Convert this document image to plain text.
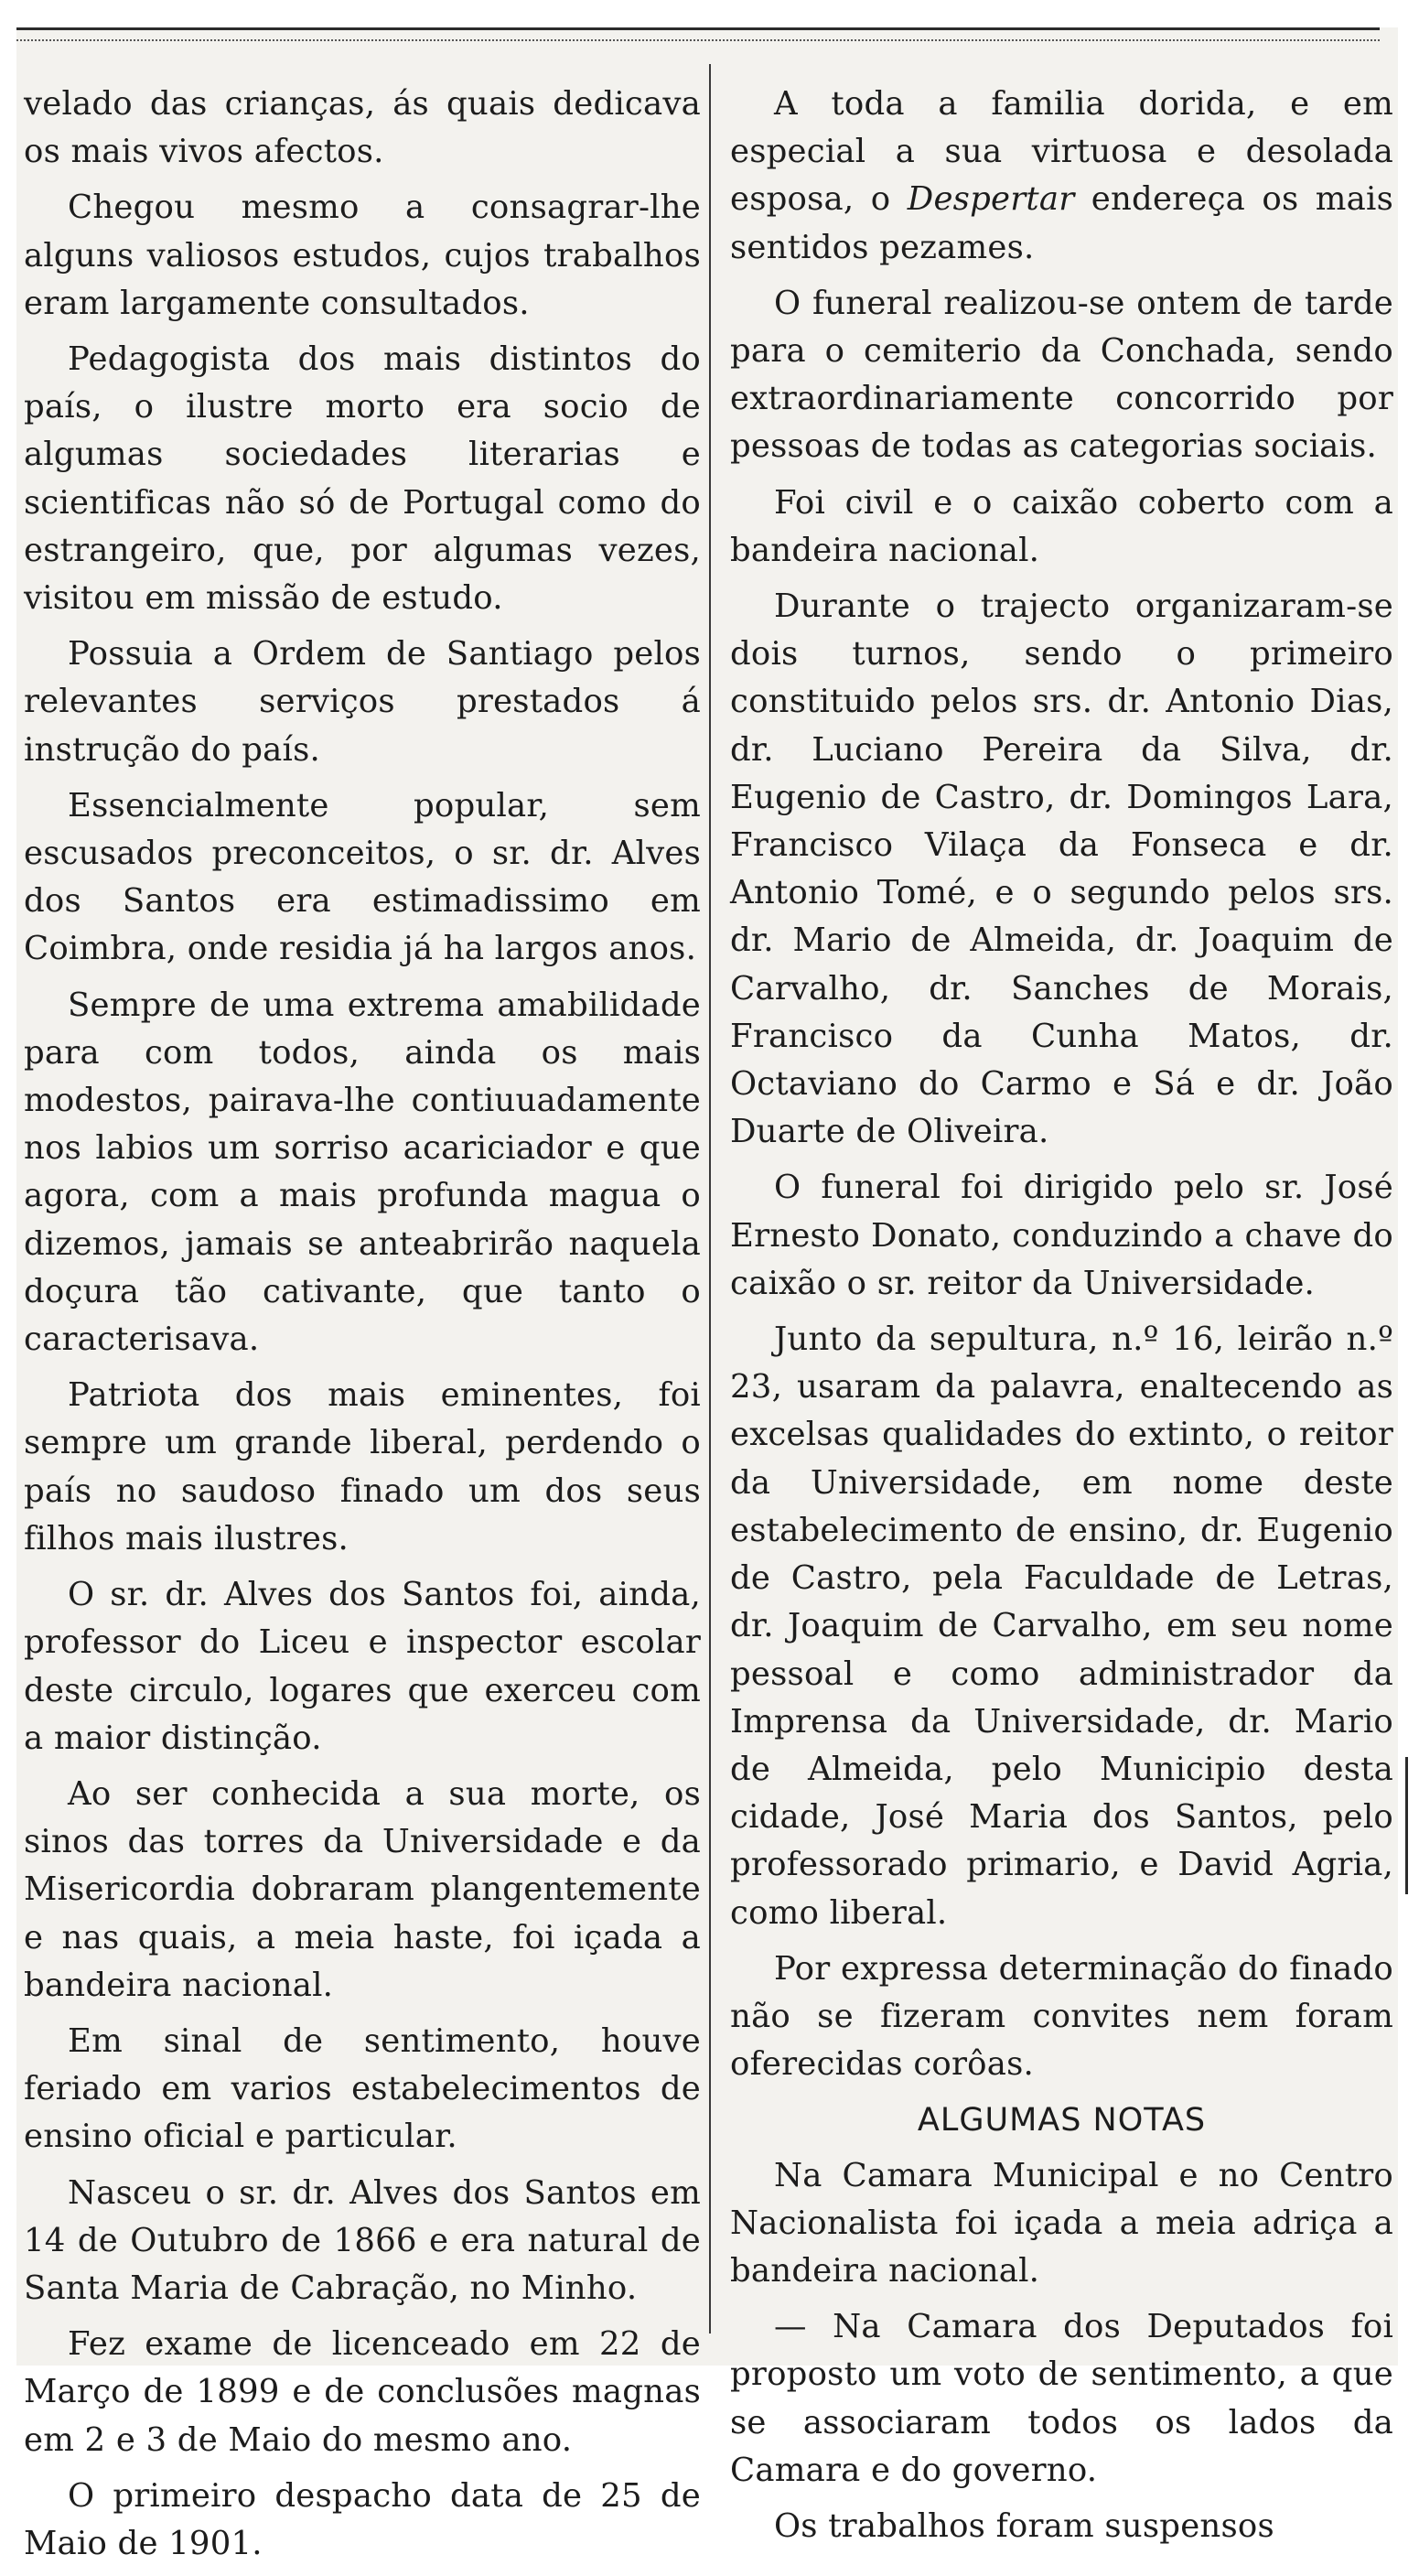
velado das crianças, ás quais dedicava os mais vivos afectos.

Chegou mesmo a consagrar-lhe alguns valiosos estudos, cujos trabalhos eram largamente consultados.

Pedagogista dos mais distintos do país, o ilustre morto era socio de algumas sociedades literarias e scientificas não só de Portugal como do estrangeiro, que, por algumas vezes, visitou em missão de estudo.

Possuia a Ordem de Santiago pelos relevantes serviços prestados á instrução do país.

Essencialmente popular, sem escusados preconceitos, o sr. dr. Alves dos Santos era estimadissimo em Coimbra, onde residia já ha largos anos.

Sempre de uma extrema amabilidade para com todos, ainda os mais modestos, pairava-lhe contiuuadamente nos labios um sorriso acariciador e que agora, com a mais profunda magua o dizemos, jamais se anteabrirão naquela doçura tão cativante, que tanto o caracterisava.

Patriota dos mais eminentes, foi sempre um grande liberal, perdendo o país no saudoso finado um dos seus filhos mais ilustres.

O sr. dr. Alves dos Santos foi, ainda, professor do Liceu e inspector escolar deste circulo, logares que exerceu com a maior distinção.

Ao ser conhecida a sua morte, os sinos das torres da Universidade e da Misericordia dobraram plangentemente e nas quais, a meia haste, foi içada a bandeira nacional.

Em sinal de sentimento, houve feriado em varios estabelecimentos de ensino oficial e particular.

Nasceu o sr. dr. Alves dos Santos em 14 de Outubro de 1866 e era natural de Santa Maria de Cabração, no Minho.

Fez exame de licenceado em 22 de Março de 1899 e de conclusões magnas em 2 e 3 de Maio do mesmo ano.

O primeiro despacho data de 25 de Maio de 1901.

A toda a familia dorida, e em especial a sua virtuosa e desolada esposa, o Despertar endereça os mais sentidos pezames.

O funeral realizou-se ontem de tarde para o cemiterio da Conchada, sendo extraordinariamente concorrido por pessoas de todas as categorias sociais.

Foi civil e o caixão coberto com a bandeira nacional.

Durante o trajecto organizaram-se dois turnos, sendo o primeiro constituido pelos srs. dr. Antonio Dias, dr. Luciano Pereira da Silva, dr. Eugenio de Castro, dr. Domingos Lara, Francisco Vilaça da Fonseca e dr. Antonio Tomé, e o segundo pelos srs. dr. Mario de Almeida, dr. Joaquim de Carvalho, dr. Sanches de Morais, Francisco da Cunha Matos, dr. Octaviano do Carmo e Sá e dr. João Duarte de Oliveira.

O funeral foi dirigido pelo sr. José Ernesto Donato, conduzindo a chave do caixão o sr. reitor da Universidade.

Junto da sepultura, n.º 16, leirão n.º 23, usaram da palavra, enaltecendo as excelsas qualidades do extinto, o reitor da Universidade, em nome deste estabelecimento de ensino, dr. Eugenio de Castro, pela Faculdade de Letras, dr. Joaquim de Carvalho, em seu nome pessoal e como administrador da Imprensa da Universidade, dr. Mario de Almeida, pelo Municipio desta cidade, José Maria dos Santos, pelo professorado primario, e David Agria, como liberal.

Por expressa determinação do finado não se fizeram convites nem foram oferecidas corôas.

ALGUMAS NOTAS

Na Camara Municipal e no Centro Nacionalista foi içada a meia adriça a bandeira nacional.

— Na Camara dos Deputados foi proposto um voto de sentimento, a que se associaram todos os lados da Camara e do governo.

Os trabalhos foram suspensos
